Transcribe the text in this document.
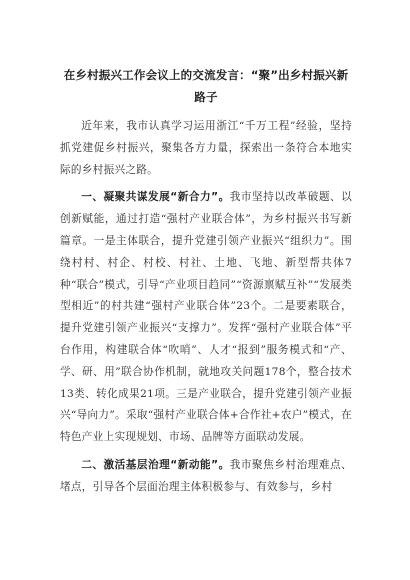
在乡村振兴工作会议上的交流发言：“聚”出乡村振兴新路子

近年来，我市认真学习运用浙江“千万工程”经验，坚持抓党建促乡村振兴，聚集各方力量，探索出一条符合本地实际的乡村振兴之路。

一、凝聚共谋发展“新合力”。我市坚持以改革破题、以创新赋能，通过打造“强村产业联合体”，为乡村振兴书写新篇章。一是主体联合，提升党建引领产业振兴“组织力”。围绕村村、村企、村校、村社、土地、飞地、新型帮共体7种“联合”模式，引导“产业项目趋同”“资源禀赋互补”“发展类型相近”的村共建“强村产业联合体”23个。二是要素联合，提升党建引领产业振兴“支撑力”。发挥“强村产业联合体”平台作用，构建联合体“吹哨”、人才“报到”服务模式和“产、学、研、用”联合协作机制，就地攻关问题178个，整合技术13类、转化成果21项。三是产业联合，提升党建引领产业振兴“导向力”。采取“强村产业联合体+合作社+农户”模式，在特色产业上实现规划、市场、品牌等方面联动发展。

二、激活基层治理“新动能”。我市聚焦乡村治理难点、堵点，引导各个层面治理主体积极参与、有效参与，乡村
